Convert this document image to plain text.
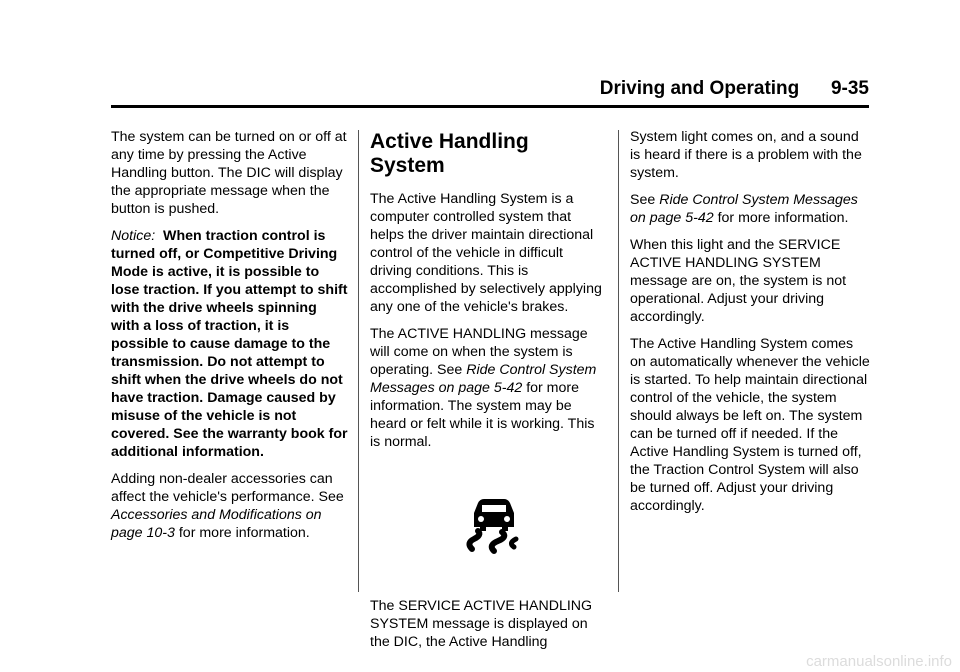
Driving and Operating 9-35

The system can be turned on or off at any time by pressing the Active Handling button. The DIC will display the appropriate message when the button is pushed.

Notice: When traction control is turned off, or Competitive Driving Mode is active, it is possible to lose traction. If you attempt to shift with the drive wheels spinning with a loss of traction, it is possible to cause damage to the transmission. Do not attempt to shift when the drive wheels do not have traction. Damage caused by misuse of the vehicle is not covered. See the warranty book for additional information.

Adding non-dealer accessories can affect the vehicle's performance. See Accessories and Modifications on page 10-3 for more information.

Active Handling System

The Active Handling System is a computer controlled system that helps the driver maintain directional control of the vehicle in difficult driving conditions. This is accomplished by selectively applying any one of the vehicle's brakes.

The ACTIVE HANDLING message will come on when the system is operating. See Ride Control System Messages on page 5-42 for more information. The system may be heard or felt while it is working. This is normal.

The SERVICE ACTIVE HANDLING SYSTEM message is displayed on the DIC, the Active Handling

System light comes on, and a sound is heard if there is a problem with the system.

See Ride Control System Messages on page 5-42 for more information.

When this light and the SERVICE ACTIVE HANDLING SYSTEM message are on, the system is not operational. Adjust your driving accordingly.

The Active Handling System comes on automatically whenever the vehicle is started. To help maintain directional control of the vehicle, the system should always be left on. The system can be turned off if needed. If the Active Handling System is turned off, the Traction Control System will also be turned off. Adjust your driving accordingly.

carmanualsonline.info
